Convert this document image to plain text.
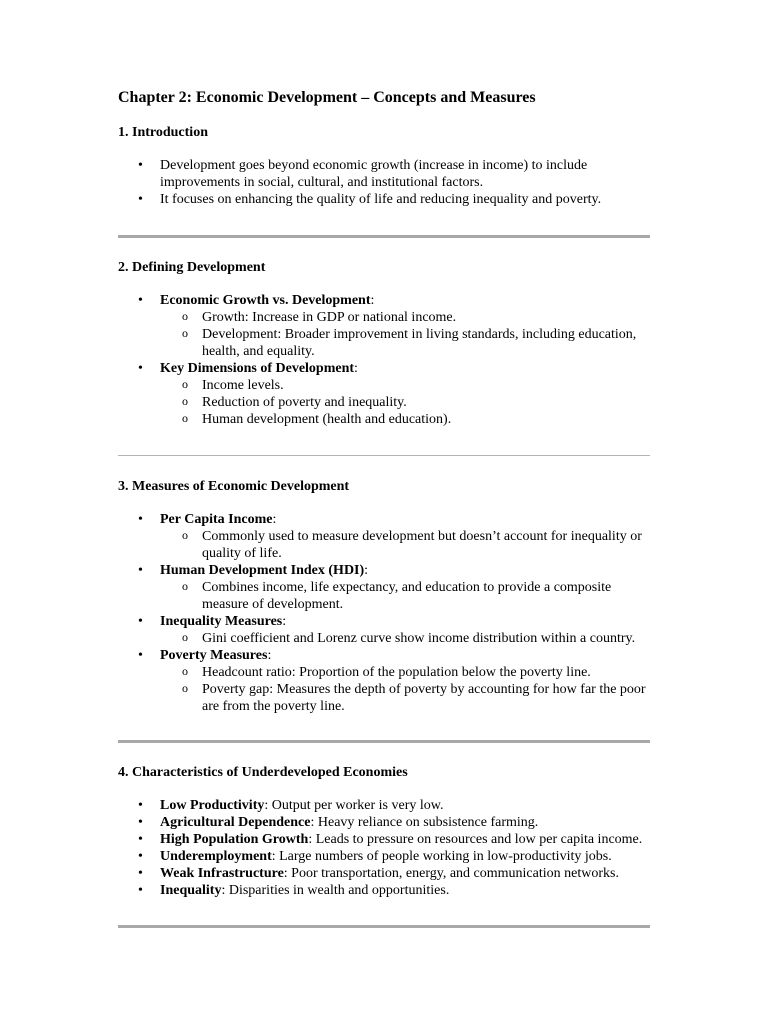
Chapter 2: Economic Development – Concepts and Measures
1. Introduction
• Development goes beyond economic growth (increase in income) to include improvements in social, cultural, and institutional factors.
• It focuses on enhancing the quality of life and reducing inequality and poverty.
2. Defining Development
• Economic Growth vs. Development:
o Growth: Increase in GDP or national income.
o Development: Broader improvement in living standards, including education, health, and equality.
• Key Dimensions of Development:
o Income levels.
o Reduction of poverty and inequality.
o Human development (health and education).
3. Measures of Economic Development
• Per Capita Income:
o Commonly used to measure development but doesn’t account for inequality or quality of life.
• Human Development Index (HDI):
o Combines income, life expectancy, and education to provide a composite measure of development.
• Inequality Measures:
o Gini coefficient and Lorenz curve show income distribution within a country.
• Poverty Measures:
o Headcount ratio: Proportion of the population below the poverty line.
o Poverty gap: Measures the depth of poverty by accounting for how far the poor are from the poverty line.
4. Characteristics of Underdeveloped Economies
• Low Productivity: Output per worker is very low.
• Agricultural Dependence: Heavy reliance on subsistence farming.
• High Population Growth: Leads to pressure on resources and low per capita income.
• Underemployment: Large numbers of people working in low-productivity jobs.
• Weak Infrastructure: Poor transportation, energy, and communication networks.
• Inequality: Disparities in wealth and opportunities.
